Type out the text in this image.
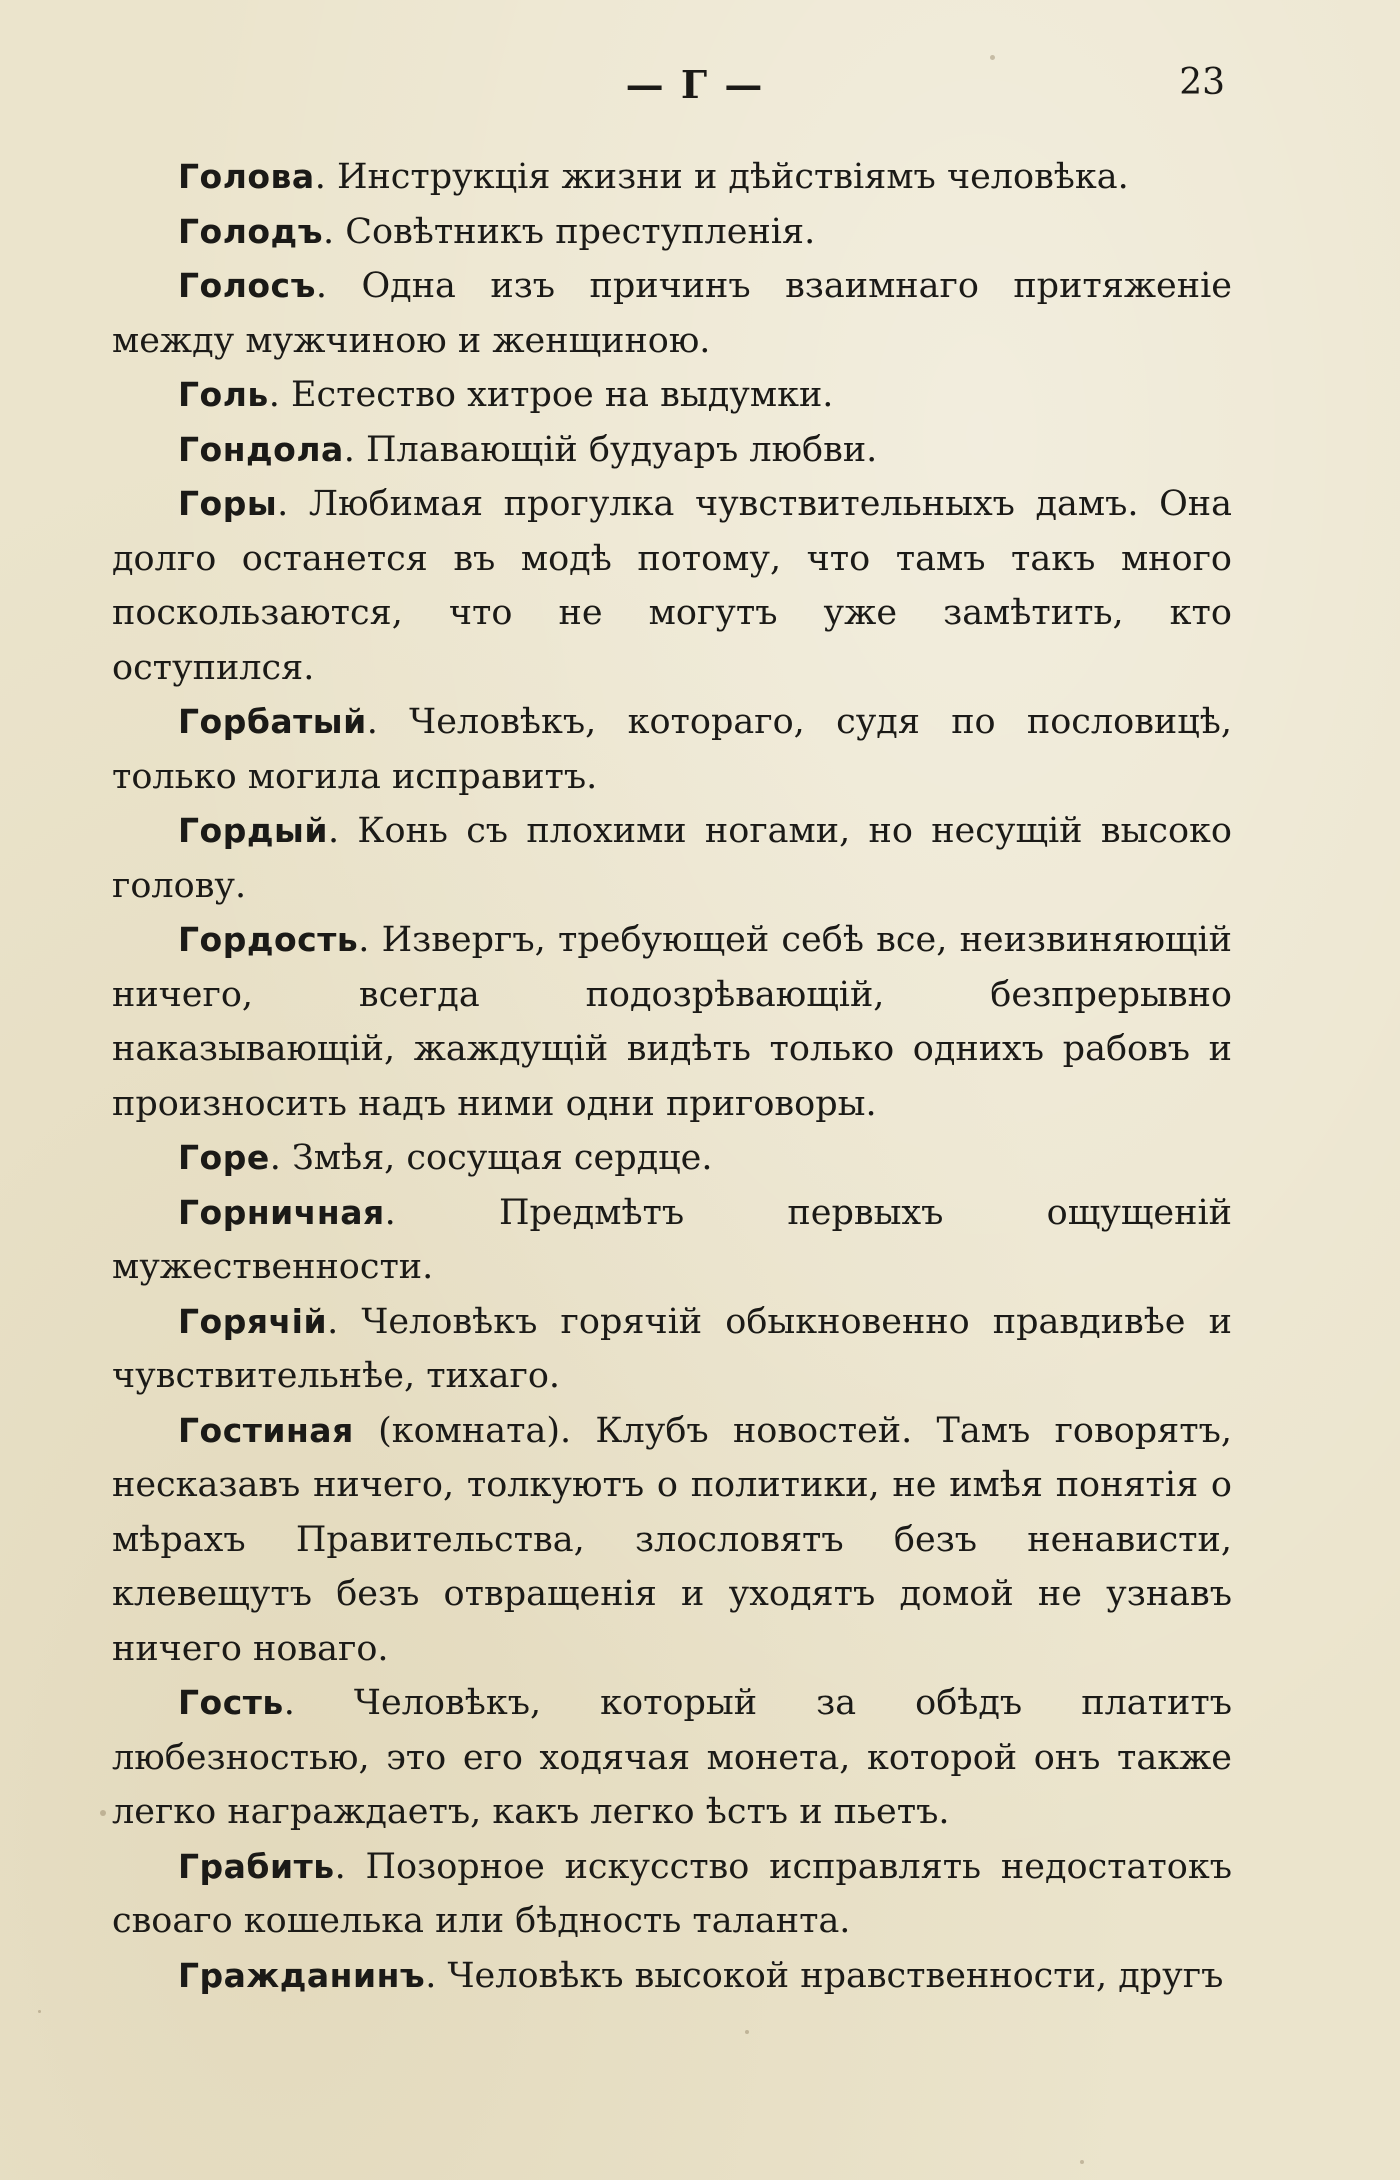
— Г —	23

Голова. Инструкція жизни и дѣйствіямъ человѣка.

Голодъ. Совѣтникъ преступленія.

Голосъ. Одна изъ причинъ взаимнаго притяженіе между мужчиною и женщиною.

Голь. Естество хитрое на выдумки.

Гондола. Плавающій будуаръ любви.

Горы. Любимая прогулка чувствительныхъ дамъ. Она долго останется въ модѣ потому, что тамъ такъ много поскользаются, что не могутъ уже замѣтить, кто оступился.

Горбатый. Человѣкъ, котораго, судя по пословицѣ, только могила исправитъ.

Гордый. Конь съ плохими ногами, но несущій высоко голову.

Гордость. Извергъ, требующей себѣ все, неизвиняющій ничего, всегда подозрѣвающій, безпрерывно наказывающій, жаждущій видѣть только однихъ рабовъ и произносить надъ ними одни приговоры.

Горе. Змѣя, сосущая сердце.

Горничная. Предмѣтъ первыхъ ощущеній мужественности.

Горячій. Человѣкъ горячій обыкновенно правдивѣе и чувствительнѣе, тихаго.

Гостиная (комната). Клубъ новостей. Тамъ говорятъ, несказавъ ничего, толкуютъ о политики, не имѣя понятія о мѣрахъ Правительства, злословятъ безъ ненависти, клевещутъ безъ отвращенія и уходятъ домой не узнавъ ничего новаго.

Гость. Человѣкъ, который за обѣдъ платитъ любезностью, это его ходячая монета, которой онъ также легко награждаетъ, какъ легко ѣстъ и пьетъ.

Грабить. Позорное искусство исправлять недостатокъ своаго кошелька или бѣдность таланта.

Гражданинъ. Человѣкъ высокой нравственности, другъ
